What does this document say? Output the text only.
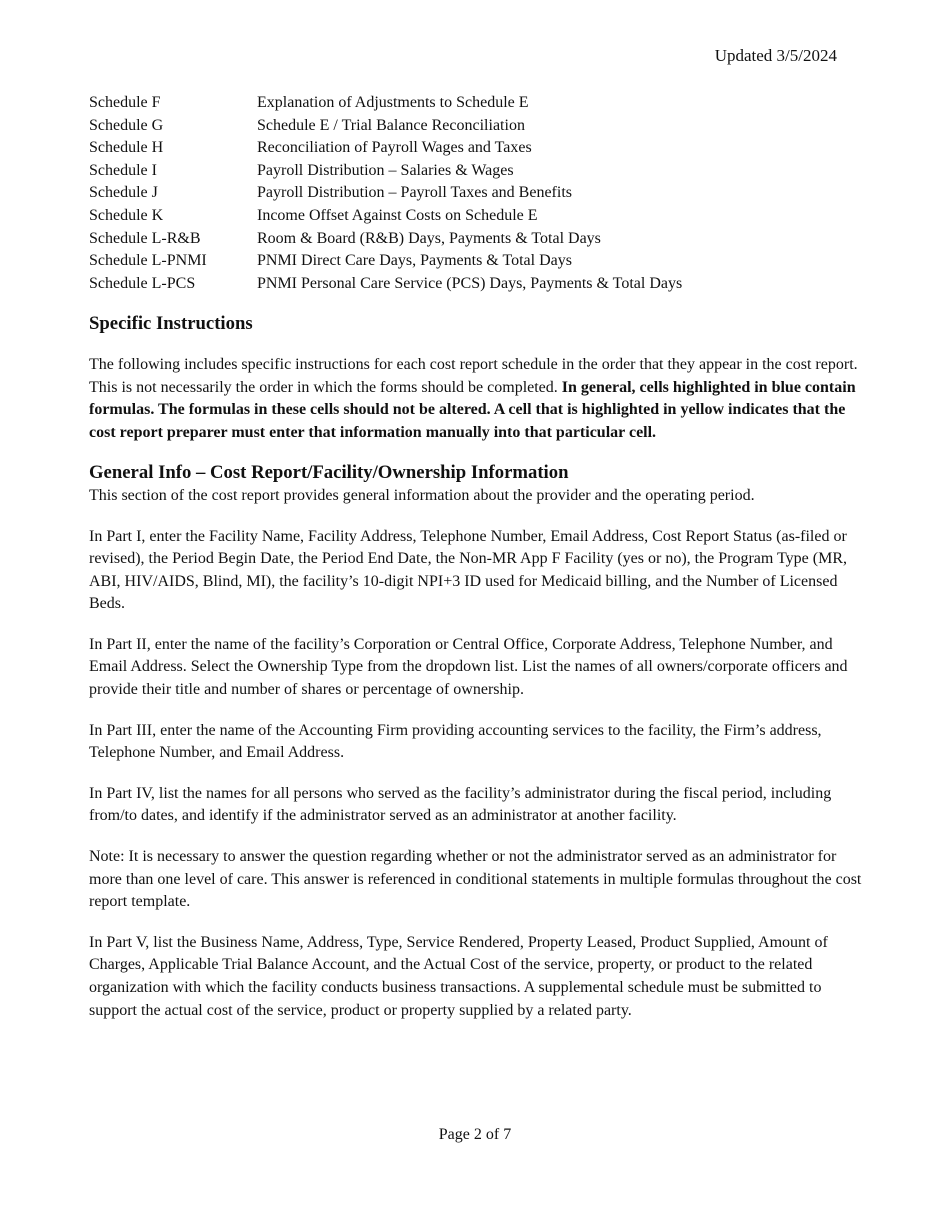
Updated 3/5/2024
Schedule F	Explanation of Adjustments to Schedule E
Schedule G	Schedule E / Trial Balance Reconciliation
Schedule H	Reconciliation of Payroll Wages and Taxes
Schedule I	Payroll Distribution – Salaries & Wages
Schedule J	Payroll Distribution – Payroll Taxes and Benefits
Schedule K	Income Offset Against Costs on Schedule E
Schedule L-R&B	Room & Board (R&B) Days, Payments & Total Days
Schedule L-PNMI	PNMI Direct Care Days, Payments & Total Days
Schedule L-PCS	PNMI Personal Care Service (PCS) Days, Payments & Total Days
Specific Instructions

The following includes specific instructions for each cost report schedule in the order that they appear in the cost report. This is not necessarily the order in which the forms should be completed. In general, cells highlighted in blue contain formulas. The formulas in these cells should not be altered. A cell that is highlighted in yellow indicates that the cost report preparer must enter that information manually into that particular cell.

General Info – Cost Report/Facility/Ownership Information

This section of the cost report provides general information about the provider and the operating period.

In Part I, enter the Facility Name, Facility Address, Telephone Number, Email Address, Cost Report Status (as-filed or revised), the Period Begin Date, the Period End Date, the Non-MR App F Facility (yes or no), the Program Type (MR, ABI, HIV/AIDS, Blind, MI), the facility’s 10-digit NPI+3 ID used for Medicaid billing, and the Number of Licensed Beds.

In Part II, enter the name of the facility’s Corporation or Central Office, Corporate Address, Telephone Number, and Email Address. Select the Ownership Type from the dropdown list. List the names of all owners/corporate officers and provide their title and number of shares or percentage of ownership.

In Part III, enter the name of the Accounting Firm providing accounting services to the facility, the Firm’s address, Telephone Number, and Email Address.

In Part IV, list the names for all persons who served as the facility’s administrator during the fiscal period, including from/to dates, and identify if the administrator served as an administrator at another facility.

Note: It is necessary to answer the question regarding whether or not the administrator served as an administrator for more than one level of care. This answer is referenced in conditional statements in multiple formulas throughout the cost report template.

In Part V, list the Business Name, Address, Type, Service Rendered, Property Leased, Product Supplied, Amount of Charges, Applicable Trial Balance Account, and the Actual Cost of the service, property, or product to the related organization with which the facility conducts business transactions. A supplemental schedule must be submitted to support the actual cost of the service, product or property supplied by a related party.

Page 2 of 7
